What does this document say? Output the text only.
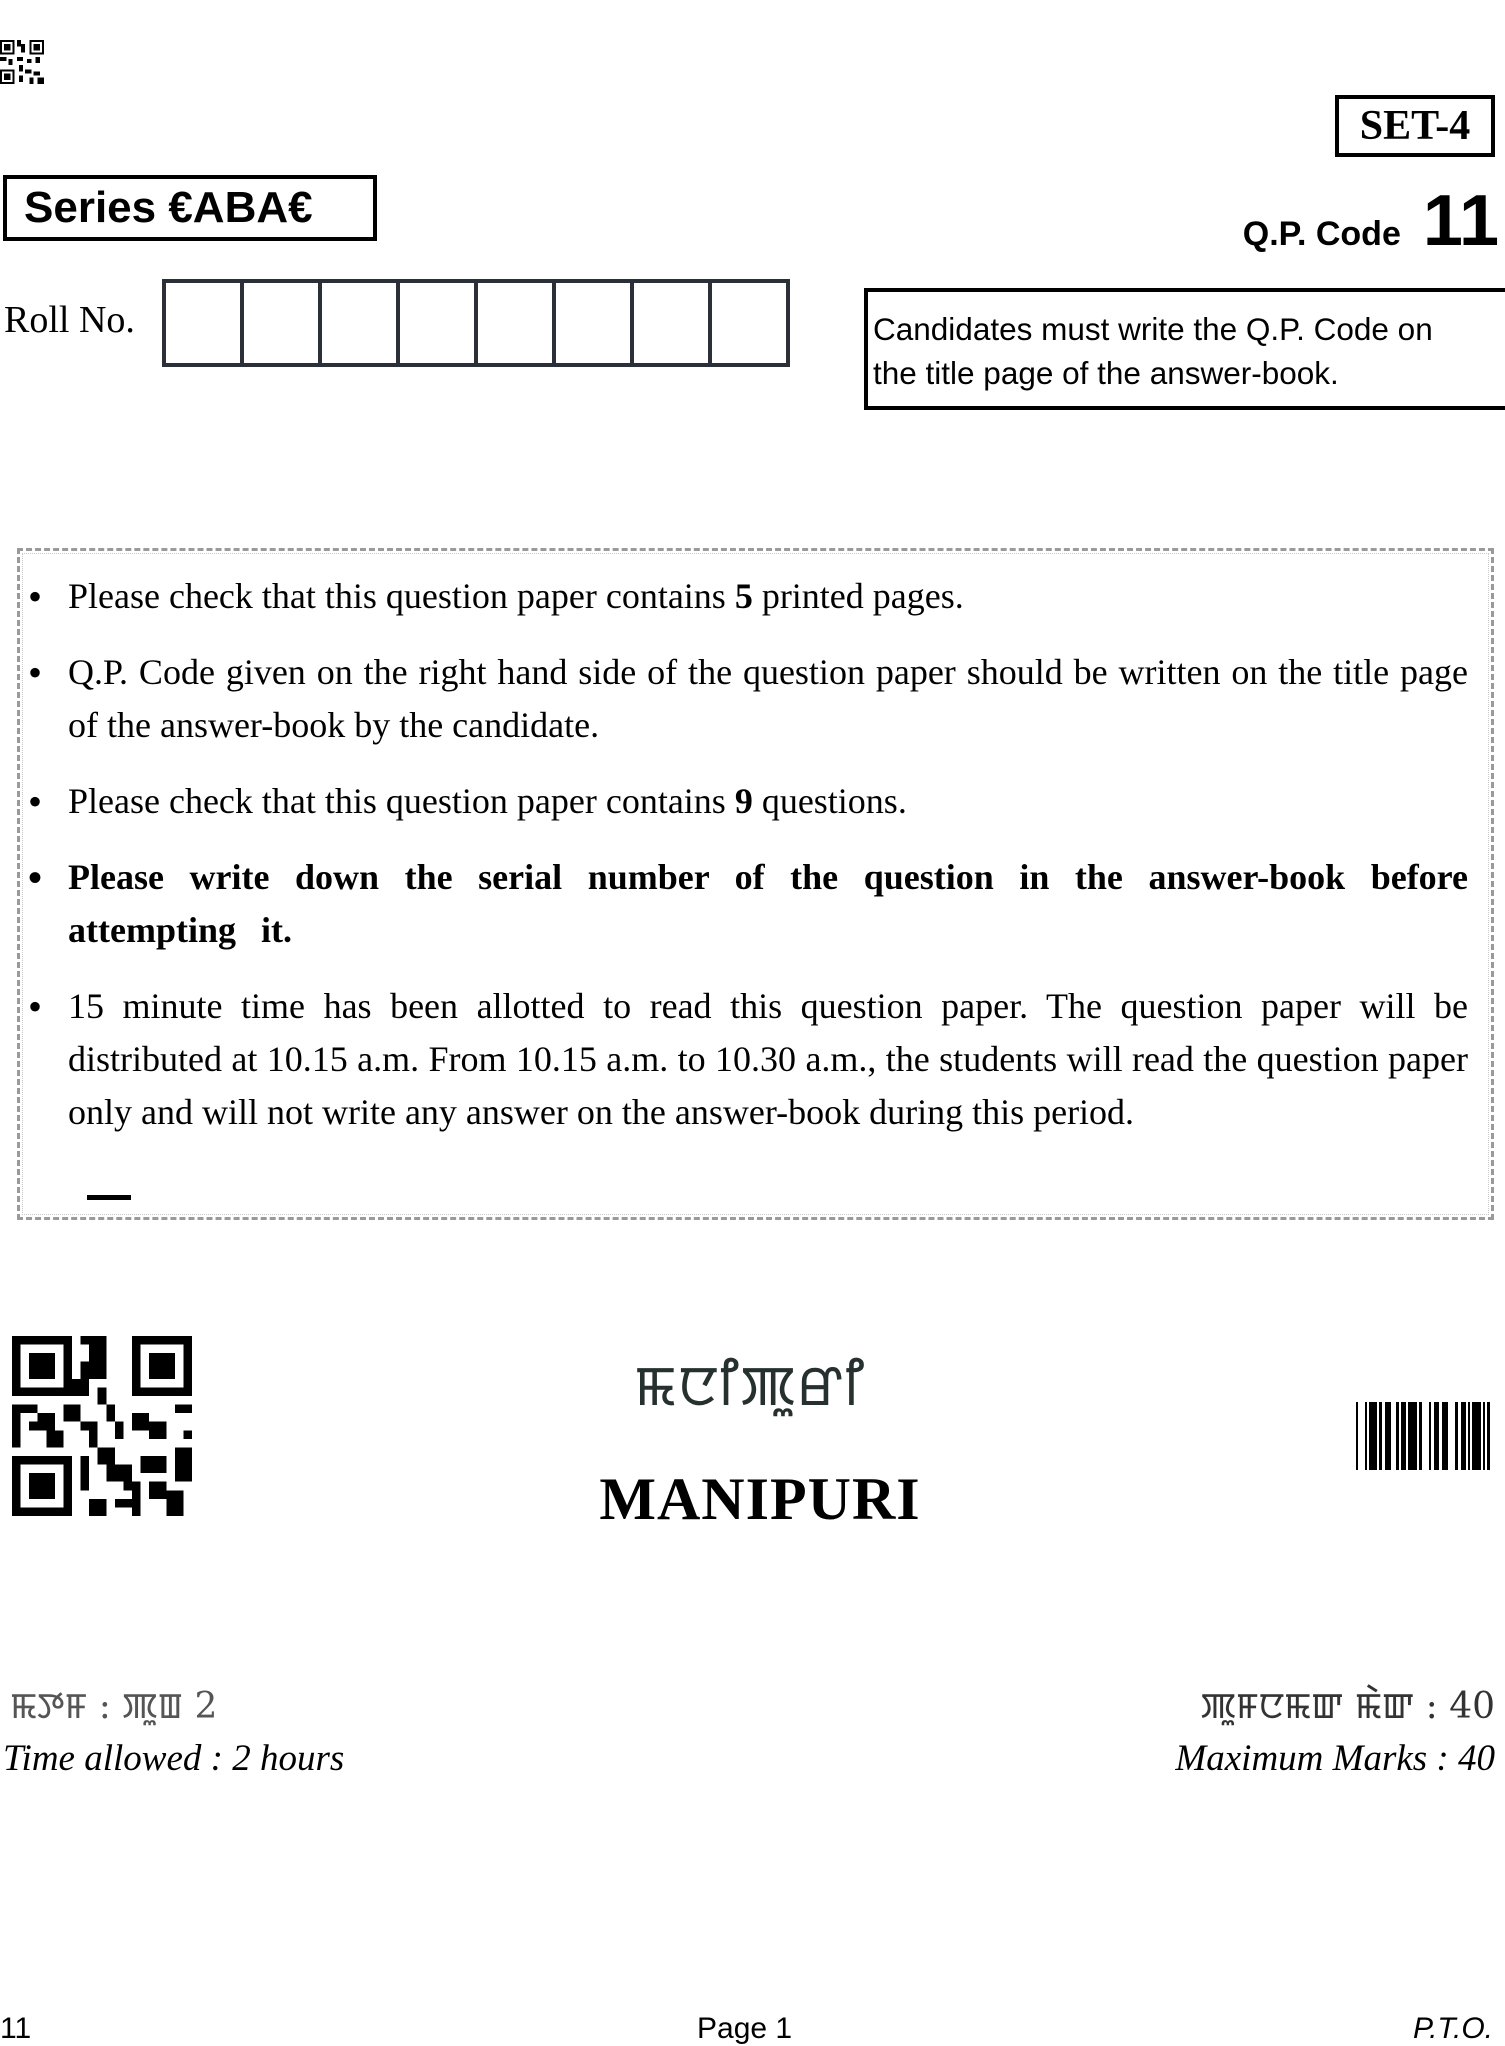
SET-4
Series €ABA€
Q.P. Code 11
Roll No.	Candidates must write the Q.P. Code on
the title page of the answer-book.
• Please check that this question paper contains 5 printed pages.
• Q.P. Code given on the right hand side of the question paper should be written on the title page of the answer-book by the candidate.
• Please check that this question paper contains 9 questions.
• Please write down the serial number of the question in the answer-book before attempting it.
• 15 minute time has been allotted to read this question paper. The question paper will be distributed at 10.15 a.m. From 10.15 a.m. to 10.30 a.m., the students will read the question paper only and will not write any answer on the answer-book during this period.
ꯃꯅꯤꯄꯨꯔꯤ
MANIPURI
ꯃꯇꯝ : ꯄꯨꯡ 2
Time allowed : 2 hours
ꯄꯨꯝꯅꯃꯛ ꯃꯥꯛ : 40
Maximum Marks : 40
11	Page 1	P.T.O.
